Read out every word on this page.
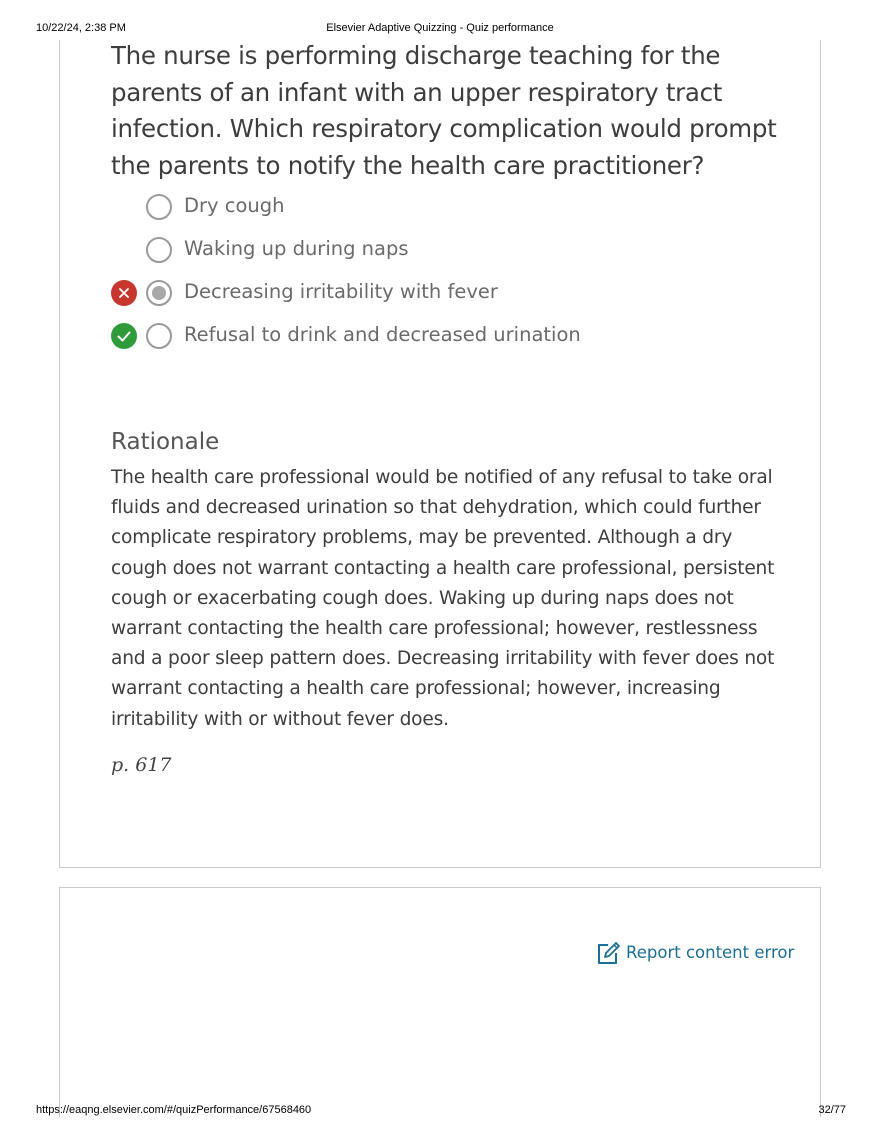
10/22/24, 2:38 PM	Elsevier Adaptive Quizzing - Quiz performance
The nurse is performing discharge teaching for the parents of an infant with an upper respiratory tract infection. Which respiratory complication would prompt the parents to notify the health care practitioner?
Dry cough
Waking up during naps
Decreasing irritability with fever
Refusal to drink and decreased urination
Rationale
The health care professional would be notified of any refusal to take oral fluids and decreased urination so that dehydration, which could further complicate respiratory problems, may be prevented. Although a dry cough does not warrant contacting a health care professional, persistent cough or exacerbating cough does. Waking up during naps does not warrant contacting the health care professional; however, restlessness and a poor sleep pattern does. Decreasing irritability with fever does not warrant contacting a health care professional; however, increasing irritability with or without fever does.
p. 617
Report content error
https://eaqng.elsevier.com/#/quizPerformance/67568460	32/77
